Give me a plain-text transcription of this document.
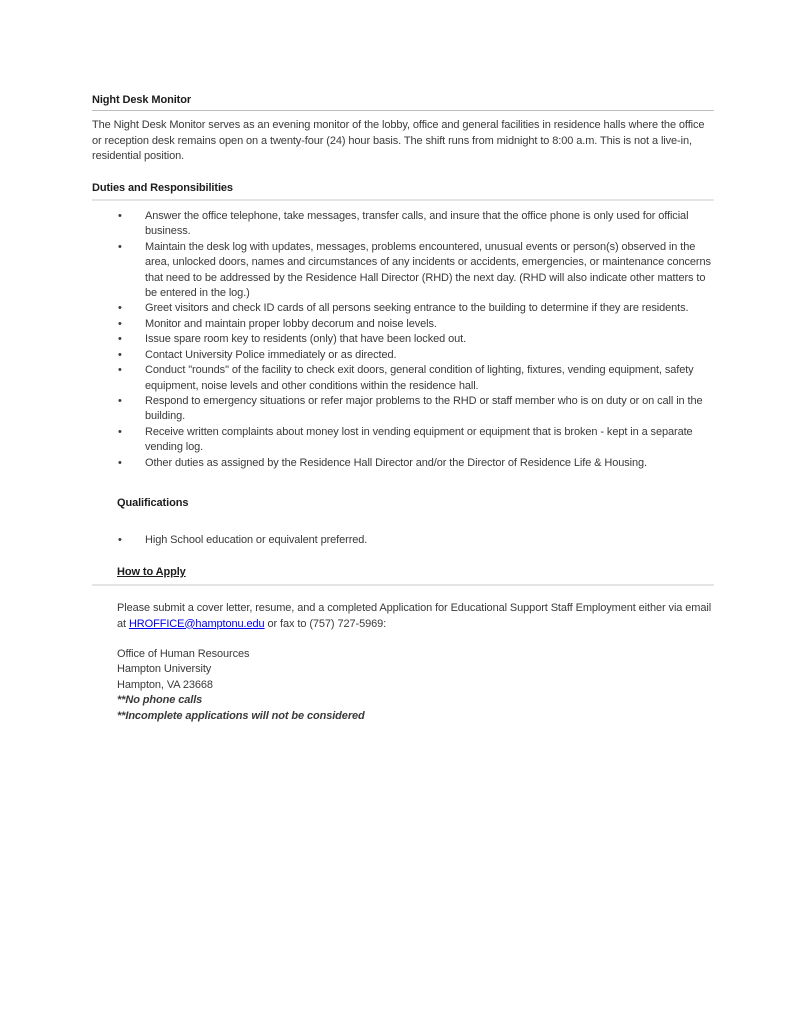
Night Desk Monitor

The Night Desk Monitor serves as an evening monitor of the lobby, office and general facilities in residence halls where the office or reception desk remains open on a twenty-four (24) hour basis. The shift runs from midnight to 8:00 a.m. This is not a live-in, residential position.

Duties and Responsibilities
• Answer the office telephone, take messages, transfer calls, and insure that the office phone is only used for official business.
• Maintain the desk log with updates, messages, problems encountered, unusual events or person(s) observed in the area, unlocked doors, names and circumstances of any incidents or accidents, emergencies, or maintenance concerns that need to be addressed by the Residence Hall Director (RHD) the next day. (RHD will also indicate other matters to be entered in the log.)
• Greet visitors and check ID cards of all persons seeking entrance to the building to determine if they are residents.
• Monitor and maintain proper lobby decorum and noise levels.
• Issue spare room key to residents (only) that have been locked out.
• Contact University Police immediately or as directed.
• Conduct "rounds" of the facility to check exit doors, general condition of lighting, fixtures, vending equipment, safety equipment, noise levels and other conditions within the residence hall.
• Respond to emergency situations or refer major problems to the RHD or staff member who is on duty or on call in the building.
• Receive written complaints about money lost in vending equipment or equipment that is broken - kept in a separate vending log.
• Other duties as assigned by the Residence Hall Director and/or the Director of Residence Life & Housing.
Qualifications
• High School education or equivalent preferred.
How to Apply

Please submit a cover letter, resume, and a completed Application for Educational Support Staff Employment either via email at HROFFICE@hamptonu.edu or fax to (757) 727-5969:

Office of Human Resources
Hampton University
Hampton, VA 23668
**No phone calls
**Incomplete applications will not be considered
